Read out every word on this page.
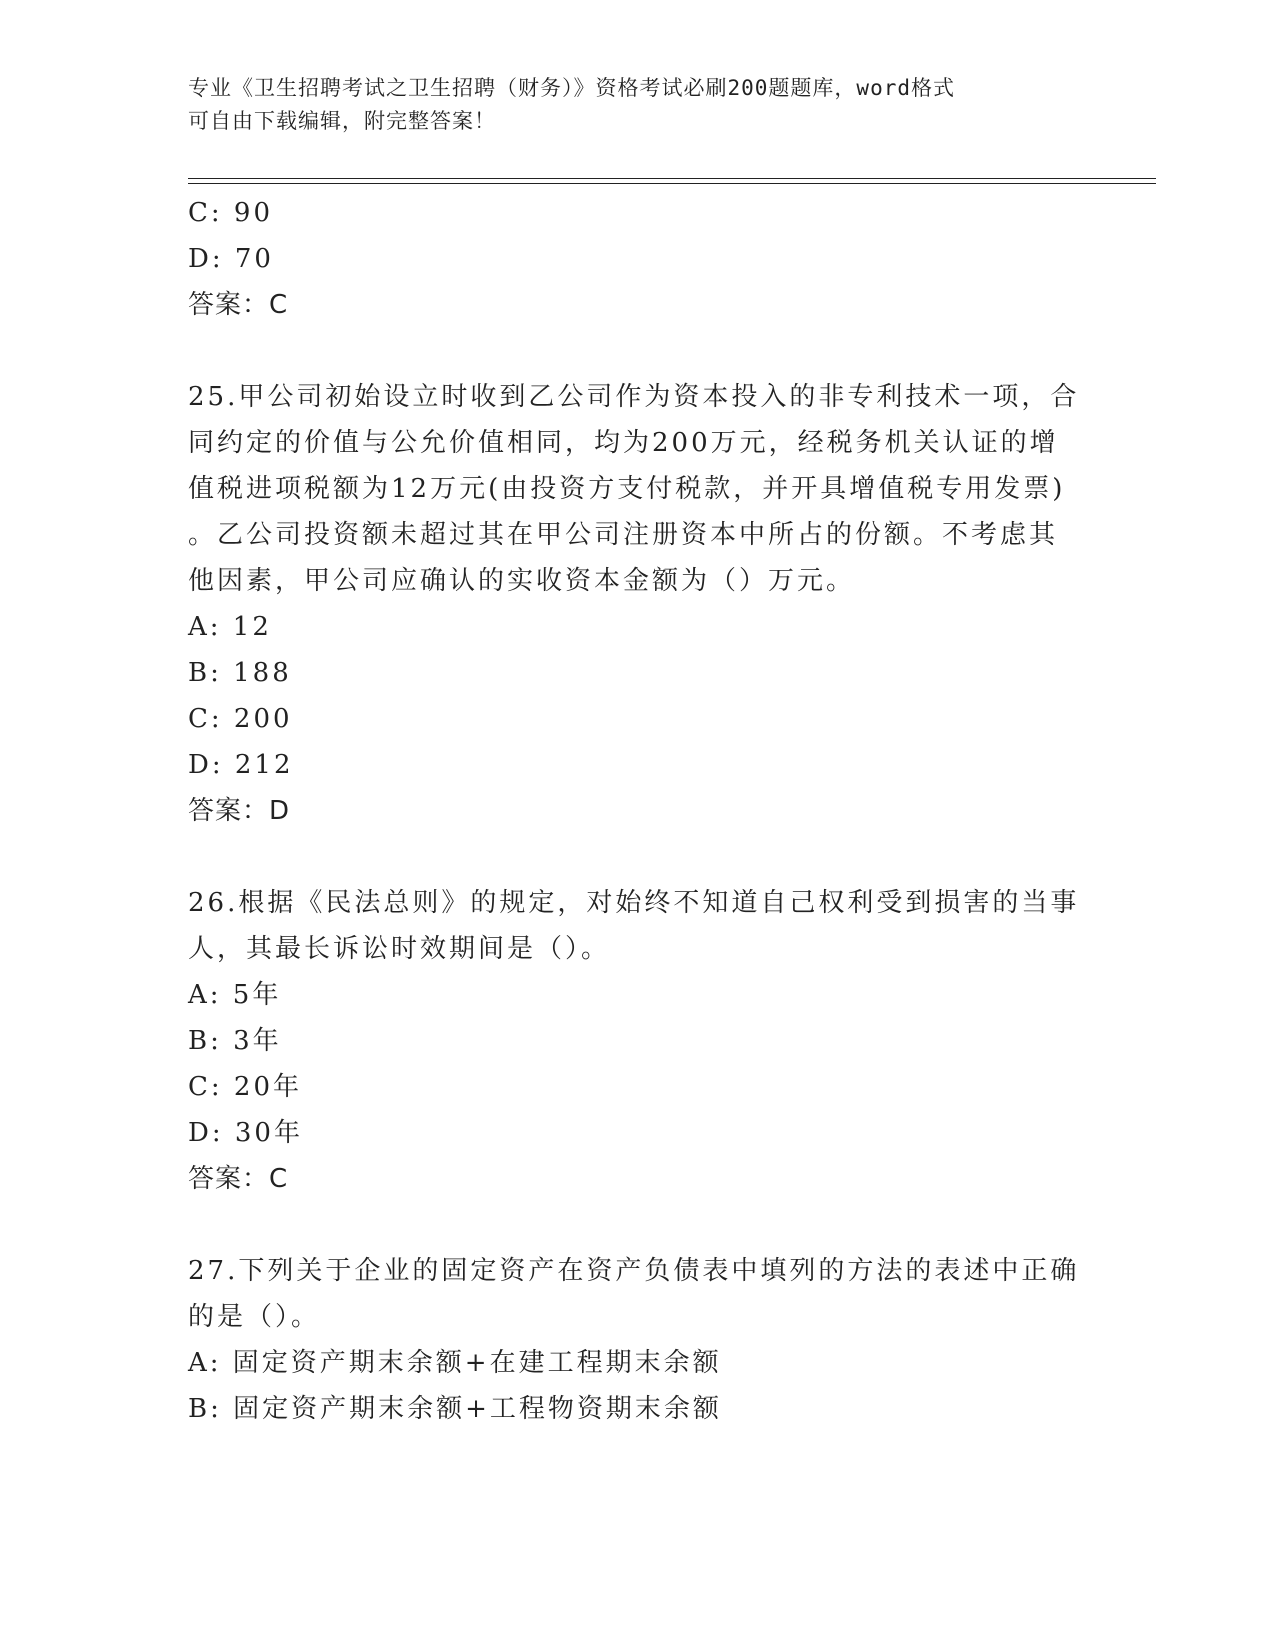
专业《卫生招聘考试之卫生招聘（财务）》资格考试必刷200题题库，word格式
可自由下载编辑，附完整答案！
C: 90
D: 70
答案：C
25.甲公司初始设立时收到乙公司作为资本投入的非专利技术一项，合
同约定的价值与公允价值相同，均为200万元，经税务机关认证的增
值税进项税额为12万元(由投资方支付税款，并开具增值税专用发票)
。乙公司投资额未超过其在甲公司注册资本中所占的份额。不考虑其
他因素，甲公司应确认的实收资本金额为（）万元。
A: 12
B: 188
C: 200
D: 212
答案：D
26.根据《民法总则》的规定，对始终不知道自己权利受到损害的当事
人，其最长诉讼时效期间是（）。
A: 5年
B: 3年
C: 20年
D: 30年
答案：C
27.下列关于企业的固定资产在资产负债表中填列的方法的表述中正确
的是（）。
A: 固定资产期末余额+在建工程期末余额
B: 固定资产期末余额+工程物资期末余额
